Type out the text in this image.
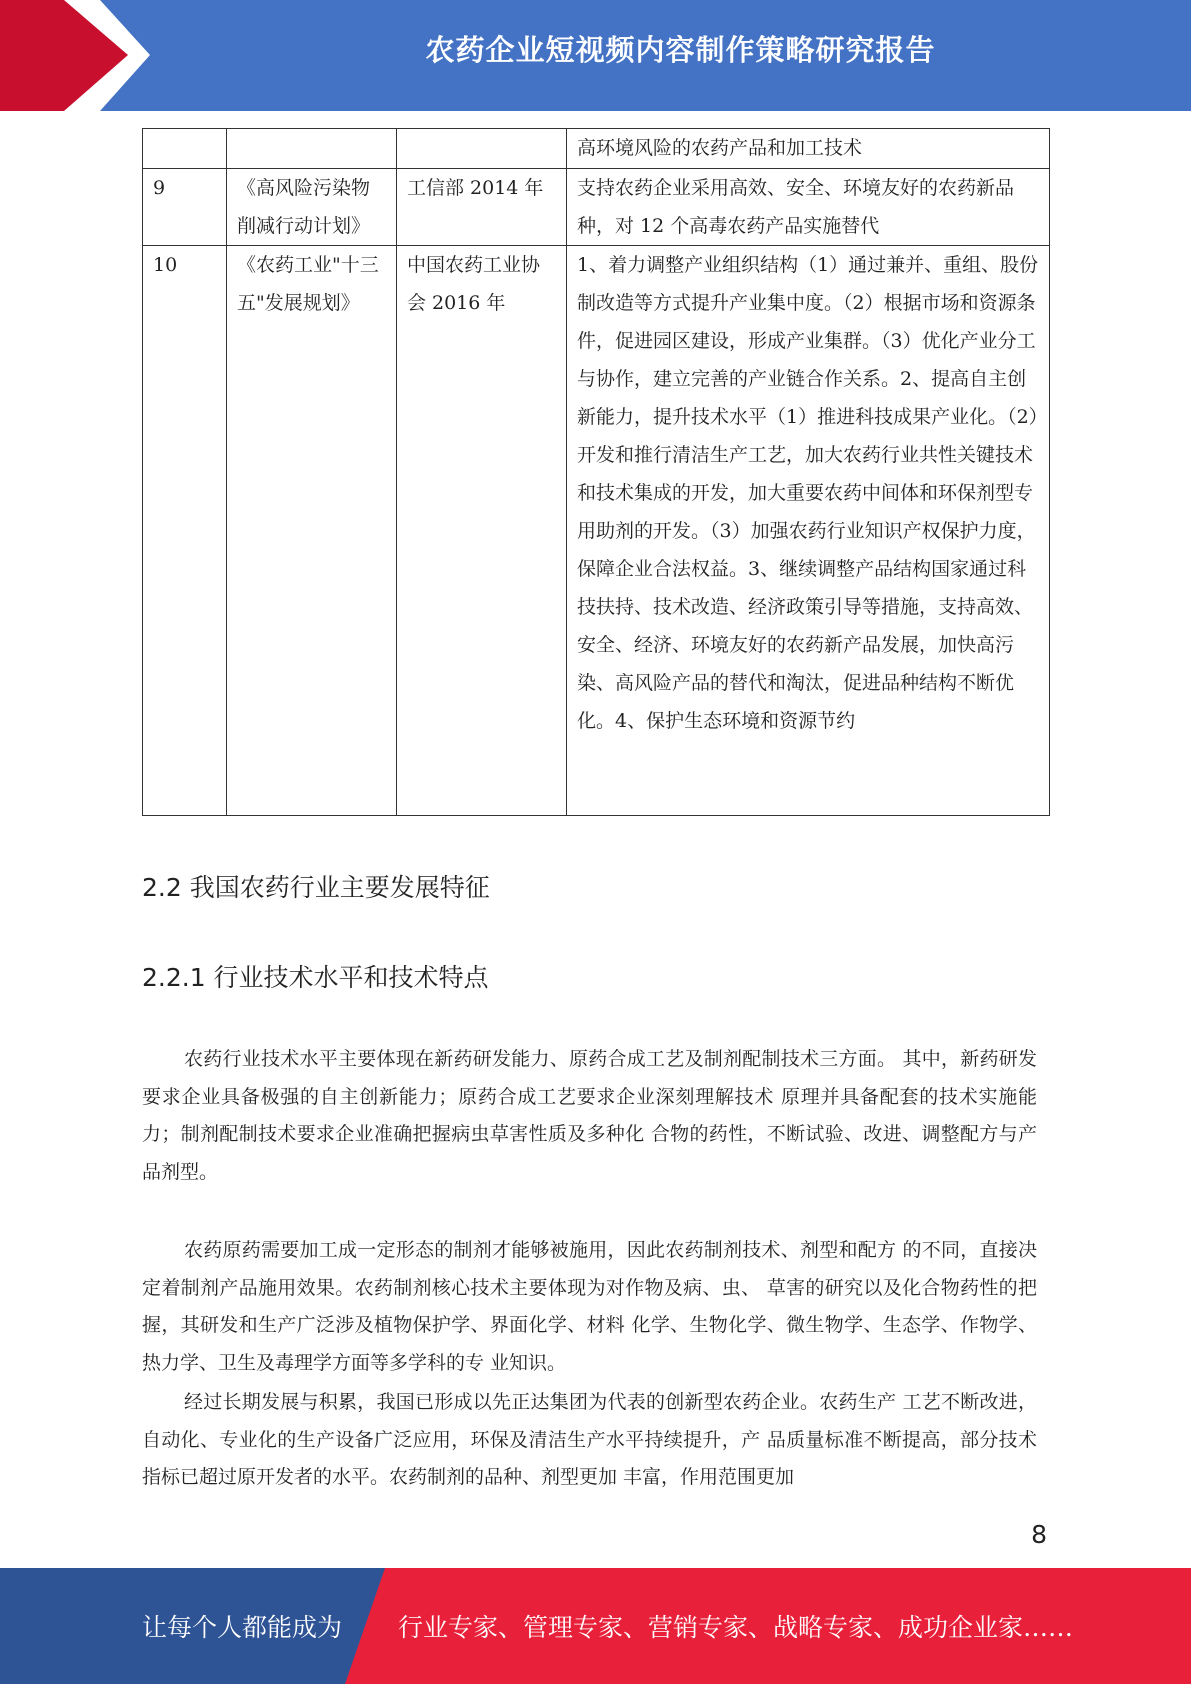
农药企业短视频内容制作策略研究报告
			高环境风险的农药产品和加工技术
9	《高风险污染物削减行动计划》	工信部 2014 年	支持农药企业采用高效、安全、环境友好的农药新品种，对 12 个高毒农药产品实施替代
10	《农药工业"十三五"发展规划》	中国农药工业协会 2016 年	1、着力调整产业组织结构（1）通过兼并、重组、股份制改造等方式提升产业集中度。（2）根据市场和资源条件，促进园区建设，形成产业集群。（3）优化产业分工与协作，建立完善的产业链合作关系。2、提高自主创新能力，提升技术水平（1）推进科技成果产业化。（2）开发和推行清洁生产工艺，加大农药行业共性关键技术和技术集成的开发，加大重要农药中间体和环保剂型专用助剂的开发。（3）加强农药行业知识产权保护力度，保障企业合法权益。3、继续调整产品结构国家通过科技扶持、技术改造、经济政策引导等措施，支持高效、安全、经济、环境友好的农药新产品发展，加快高污染、高风险产品的替代和淘汰，促进品种结构不断优化。4、保护生态环境和资源节约
2.2 我国农药行业主要发展特征
2.2.1 行业技术水平和技术特点

农药行业技术水平主要体现在新药研发能力、原药合成工艺及制剂配制技术三方面。 其中，新药研发要求企业具备极强的自主创新能力；原药合成工艺要求企业深刻理解技术 原理并具备配套的技术实施能力；制剂配制技术要求企业准确把握病虫草害性质及多种化 合物的药性，不断试验、改进、调整配方与产品剂型。

农药原药需要加工成一定形态的制剂才能够被施用，因此农药制剂技术、剂型和配方 的不同，直接决定着制剂产品施用效果。农药制剂核心技术主要体现为对作物及病、虫、 草害的研究以及化合物药性的把握，其研发和生产广泛涉及植物保护学、界面化学、材料 化学、生物化学、微生物学、生态学、作物学、热力学、卫生及毒理学方面等多学科的专 业知识。

经过长期发展与积累，我国已形成以先正达集团为代表的创新型农药企业。农药生产 工艺不断改进，自动化、专业化的生产设备广泛应用，环保及清洁生产水平持续提升，产 品质量标准不断提高，部分技术指标已超过原开发者的水平。农药制剂的品种、剂型更加 丰富，作用范围更加

8
让每个人都能成为 行业专家、管理专家、营销专家、战略专家、成功企业家……
